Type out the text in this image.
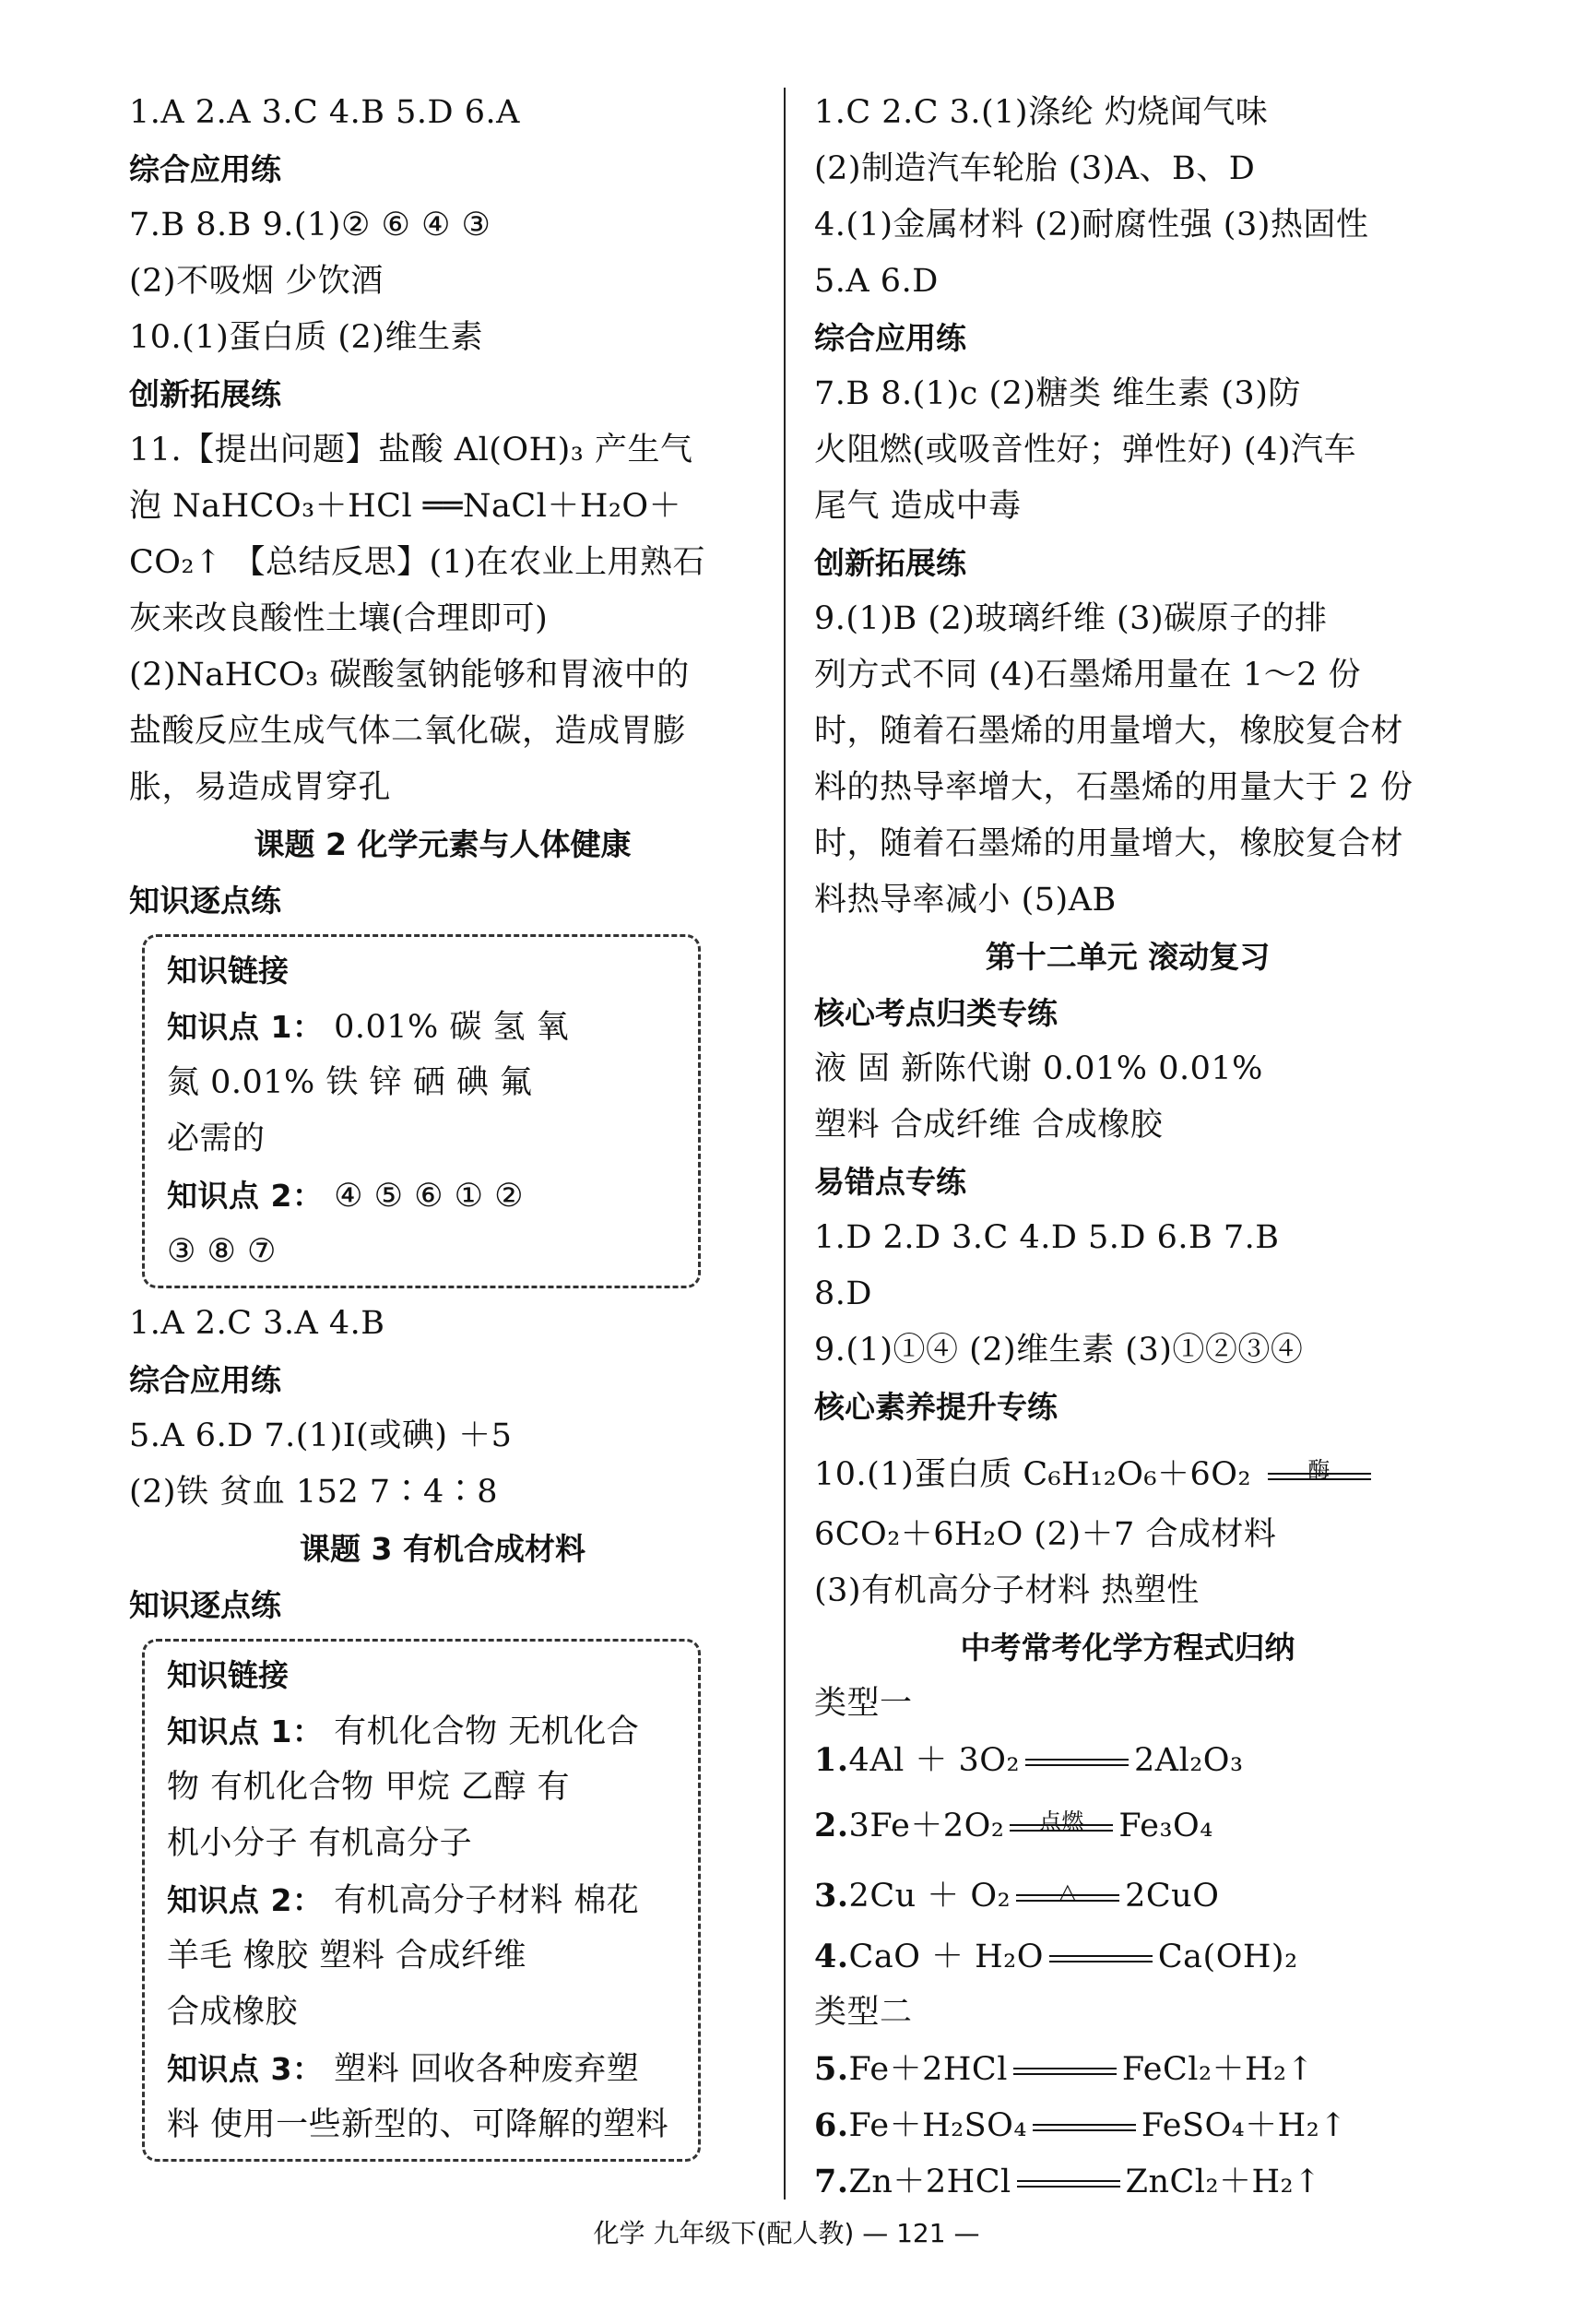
1.A 2.A 3.C 4.B 5.D 6.A
综合应用练
7.B 8.B 9.(1)② ⑥ ④ ③
(2)不吸烟 少饮酒
10.(1)蛋白质 (2)维生素
创新拓展练
11.【提出问题】盐酸 Al(OH)₃ 产生气
泡 NaHCO₃＋HCl ══NaCl＋H₂O＋
CO₂↑ 【总结反思】(1)在农业上用熟石
灰来改良酸性土壤(合理即可)
(2)NaHCO₃ 碳酸氢钠能够和胃液中的
盐酸反应生成气体二氧化碳，造成胃膨
胀，易造成胃穿孔
课题 2 化学元素与人体健康
知识逐点练
知识链接
知识点 1： 0.01% 碳 氢 氧
氮 0.01% 铁 锌 硒 碘 氟
必需的
知识点 2： ④ ⑤ ⑥ ① ②
③ ⑧ ⑦
1.A 2.C 3.A 4.B
综合应用练
5.A 6.D 7.(1)I(或碘) ＋5
(2)铁 贫血 152 7∶4∶8
课题 3 有机合成材料
知识逐点练
知识链接
知识点 1： 有机化合物 无机化合
物 有机化合物 甲烷 乙醇 有
机小分子 有机高分子
知识点 2： 有机高分子材料 棉花
羊毛 橡胶 塑料 合成纤维
合成橡胶
知识点 3： 塑料 回收各种废弃塑
料 使用一些新型的、可降解的塑料
1.C 2.C 3.(1)涤纶 灼烧闻气味
(2)制造汽车轮胎 (3)A、B、D
4.(1)金属材料 (2)耐腐性强 (3)热固性
5.A 6.D
综合应用练
7.B 8.(1)c (2)糖类 维生素 (3)防
火阻燃(或吸音性好；弹性好) (4)汽车
尾气 造成中毒
创新拓展练
9.(1)B (2)玻璃纤维 (3)碳原子的排
列方式不同 (4)石墨烯用量在 1～2 份
时，随着石墨烯的用量增大，橡胶复合材
料的热导率增大，石墨烯的用量大于 2 份
时，随着石墨烯的用量增大，橡胶复合材
料热导率减小 (5)AB
第十二单元 滚动复习
核心考点归类专练
液 固 新陈代谢 0.01% 0.01%
塑料 合成纤维 合成橡胶
易错点专练
1.D 2.D 3.C 4.D 5.D 6.B 7.B
8.D
9.(1)①④ (2)维生素 (3)①②③④
核心素养提升专练
10.(1)蛋白质 C₆H₁₂O₆＋6O₂	酶
6CO₂＋6H₂O (2)＋7 合成材料
(3)有机高分子材料 热塑性
中考常考化学方程式归纳
类型一
1.4Al ＋ 3O₂	2Al₂O₃
2.3Fe＋2O₂	点燃	Fe₃O₄
3.2Cu ＋ O₂	△	2CuO
4.CaO ＋ H₂O	Ca(OH)₂
类型二
5.Fe＋2HCl	FeCl₂＋H₂↑
6.Fe＋H₂SO₄	FeSO₄＋H₂↑
7.Zn＋2HCl	ZnCl₂＋H₂↑
化学 九年级下(配人教) — 121 —
